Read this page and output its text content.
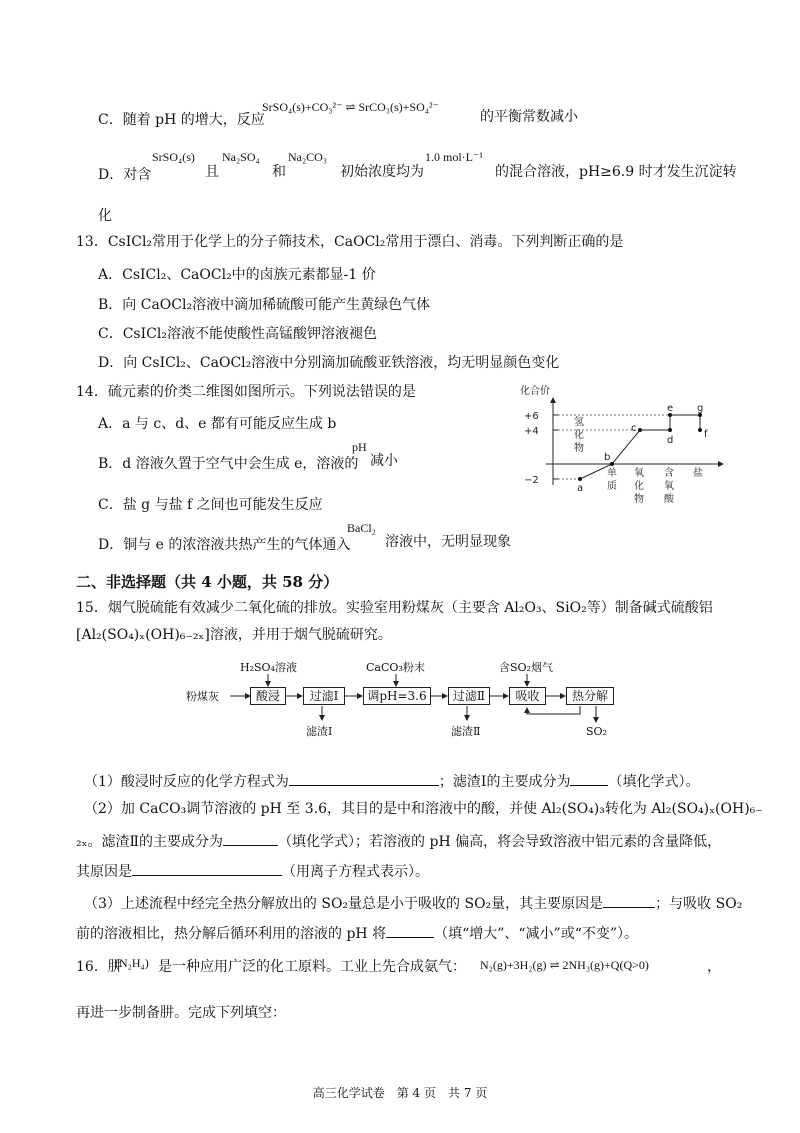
C．随着 pH 的增大，反应
SrSO₄(s)+CO₃²⁻ ⇌ SrCO₃(s)+SO₄²⁻
的平衡常数减小
D．对含
SrSO₄(s)
且
Na₂SO₄
和
Na₂CO₃
初始浓度均为
1.0 mol·L⁻¹
的混合溶液，pH≥6.9 时才发生沉淀转
化
13．CsICl₂常用于化学上的分子筛技术，CaOCl₂常用于漂白、消毒。下列判断正确的是
A．CsICl₂、CaOCl₂中的卤族元素都显-1 价
B．向 CaOCl₂溶液中滴加稀硫酸可能产生黄绿色气体
C．CsICl₂溶液不能使酸性高锰酸钾溶液褪色
D．向 CsICl₂、CaOCl₂溶液中分别滴加硫酸亚铁溶液，均无明显颜色变化
14．硫元素的价类二维图如图所示。下列说法错误的是
A．a 与 c、d、e 都有可能反应生成 b
B．d 溶液久置于空气中会生成 e，溶液的
pH
减小
C．盐 g 与盐 f 之间也可能发生反应
D．铜与 e 的浓溶液共热产生的气体通入
BaCl₂
溶液中，无明显现象
化合价
+6
+4
−2
氢
化
物
单
质
氧
化
物
含
氧
酸
盐
a
b
c
d
e
f
g
二、非选择题（共 4 小题，共 58 分）
15．烟气脱硫能有效减少二氧化硫的排放。实验室用粉煤灰（主要含 Al₂O₃、SiO₂等）制备碱式硫酸铝
[Al₂(SO₄)ₓ(OH)₆₋₂ₓ]溶液，并用于烟气脱硫研究。
粉煤灰	酸浸	过滤Ⅰ	调pH=3.6	过滤Ⅱ	吸收	热分解
H₂SO₄溶液	CaCO₃粉末	含SO₂烟气
滤渣Ⅰ	滤渣Ⅱ	SO₂
（1）酸浸时反应的化学方程式为	；滤渣Ⅰ的主要成分为	（填化学式）。
（2）加 CaCO₃调节溶液的 pH 至 3.6，其目的是中和溶液中的酸，并使 Al₂(SO₄)₃转化为 Al₂(SO₄)ₓ(OH)₆₋
₂ₓ。滤渣Ⅱ的主要成分为	（填化学式）；若溶液的 pH 偏高，将会导致溶液中铝元素的含量降低，
其原因是	（用离子方程式表示）。
（3）上述流程中经完全热分解放出的 SO₂量总是小于吸收的 SO₂量，其主要原因是	；与吸收 SO₂
前的溶液相比，热分解后循环利用的溶液的 pH 将	（填“增大”、“减小”或“不变”）。
16．肼
(N₂H₄) 是一种应用广泛的化工原料。工业上先合成氨气： N₂(g)+3H₂(g) ⇌ 2NH₃(g)+Q(Q>0)	，
再进一步制备肼。完成下列填空：
高三化学试卷　第 4 页　共 7 页
